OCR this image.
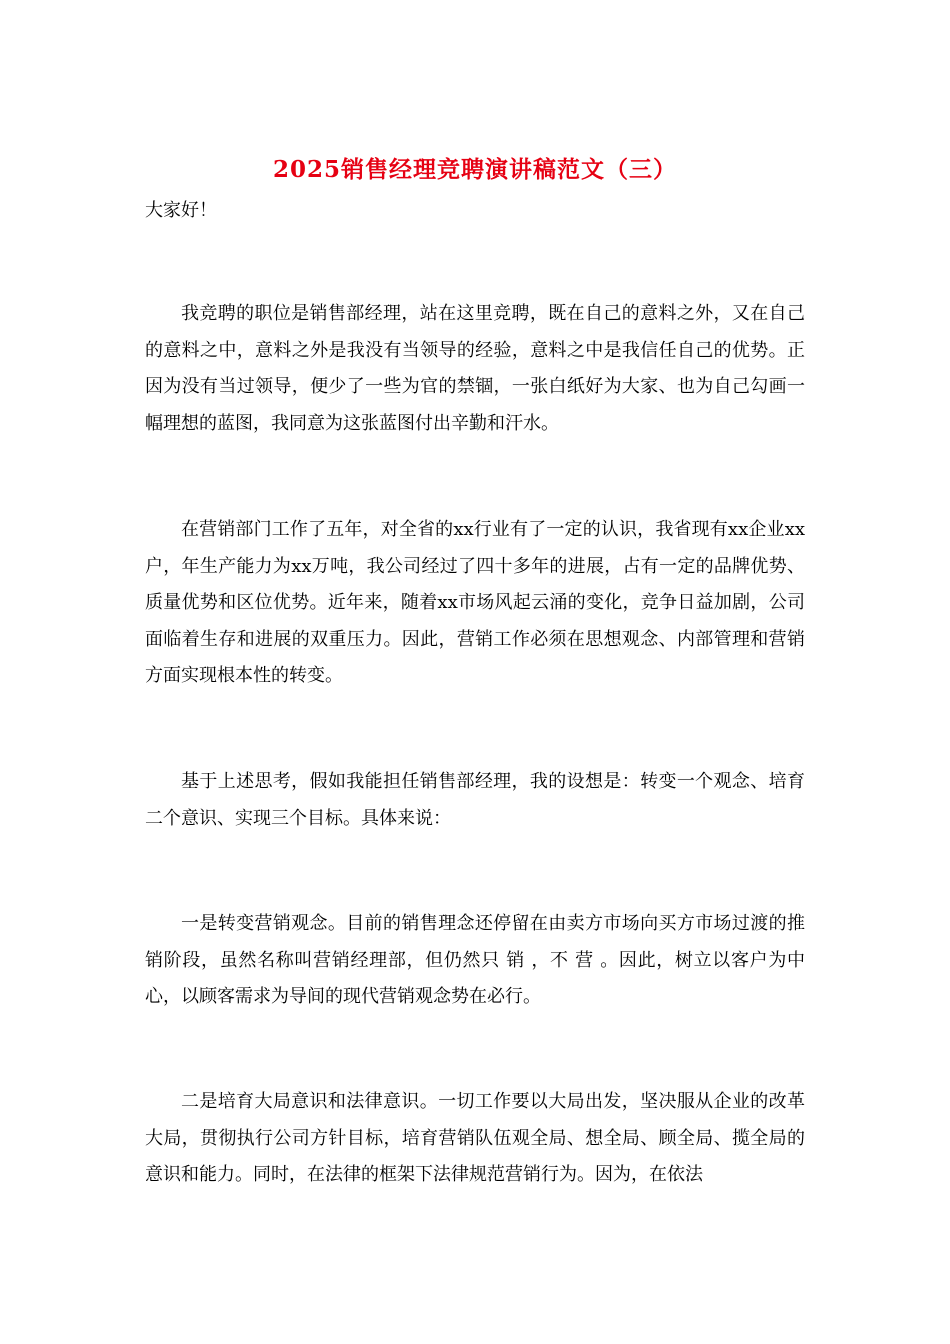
2025销售经理竞聘演讲稿范文（三）

大家好！

我竞聘的职位是销售部经理，站在这里竞聘，既在自己的意料之外，又在自己的意料之中，意料之外是我没有当领导的经验，意料之中是我信任自己的优势。正因为没有当过领导，便少了一些为官的禁锢，一张白纸好为大家、也为自己勾画一幅理想的蓝图，我同意为这张蓝图付出辛勤和汗水。

在营销部门工作了五年，对全省的xx行业有了一定的认识，我省现有xx企业xx户，年生产能力为xx万吨，我公司经过了四十多年的进展，占有一定的品牌优势、质量优势和区位优势。近年来，随着xx市场风起云涌的变化，竞争日益加剧，公司面临着生存和进展的双重压力。因此，营销工作必须在思想观念、内部管理和营销方面实现根本性的转变。

基于上述思考，假如我能担任销售部经理，我的设想是：转变一个观念、培育二个意识、实现三个目标。具体来说：

一是转变营销观念。目前的销售理念还停留在由卖方市场向买方市场过渡的推销阶段，虽然名称叫营销经理部，但仍然只 销 ，不 营 。因此，树立以客户为中心，以顾客需求为导间的现代营销观念势在必行。

二是培育大局意识和法律意识。一切工作要以大局出发，坚决服从企业的改革大局，贯彻执行公司方针目标，培育营销队伍观全局、想全局、顾全局、揽全局的意识和能力。同时，在法律的框架下法律规范营销行为。因为，在依法
